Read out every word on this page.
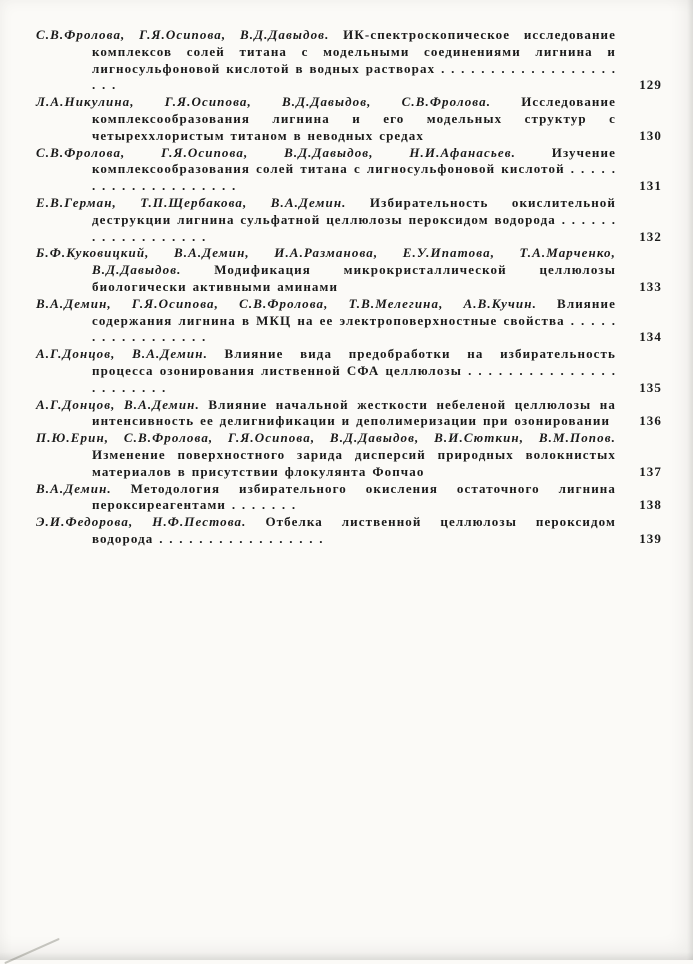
С.В.Фролова, Г.Я.Осипова, В.Д.Давыдов. ИК-спектроскопическое исследование комплексов солей титана с модельными соединениями лигнина и лигносульфоновой кислотой в водных растворах . . . . . . . . . . . . . . . . . . . . .	129

Л.А.Никулина, Г.Я.Осипова, В.Д.Давыдов, С.В.Фролова. Исследование комплексообразования лигнина и его модельных структур с четыреххлористым титаном в неводных средах	130

С.В.Фролова, Г.Я.Осипова, В.Д.Давыдов, Н.И.Афанасьев.	Изучение комплексообразования солей титана с лигносульфоновой кислотой . . . . . . . . . . . . . . . . . . . .	131

Е.В.Герман, Т.П.Щербакова, В.А.Демин. Избирательность окислительной деструкции лигнина сульфатной целлюлозы пероксидом водорода . . . . . . . . . . . . . . . . . .	132

Б.Ф.Куковицкий, В.А.Демин, И.А.Разманова, Е.У.Ипатова, Т.А.Марченко, В.Д.Давыдов.	Модификация микрокристаллической целлюлозы биологически активными аминами	133

В.А.Демин, Г.Я.Осипова, С.В.Фролова, Т.В.Мелегина, А.В.Кучин. Влияние содержания лигнина в МКЦ на ее электроповерхностные свойства . . . . . . . . . . . . . . . . .	134

А.Г.Донцов, В.А.Демин. Влияние вида предобработки на избирательность процесса озонирования лиственной СФА целлюлозы . . . . . . . . . . . . . . . . . . . . . . .	135

А.Г.Донцов, В.А.Демин. Влияние начальной жесткости небеленой целлюлозы на интенсивность ее делигнификации и деполимеризации при озонировании 136

П.Ю.Ерин, С.В.Фролова, Г.Я.Осипова, В.Д.Давыдов, В.И.Сюткин, В.М.Попов. Изменение поверхностного зарида дисперсий природных волокнистых материалов в присутствии флокулянта Фопчао	137

В.А.Демин. Методология избирательного окисления остаточного лигнина пероксиреагентами . . . . . . .	138

Э.И.Федорова, Н.Ф.Пестова. Отбелка лиственной целлюлозы пероксидом водорода . . . . . . . . . . . . . . . . .	139
